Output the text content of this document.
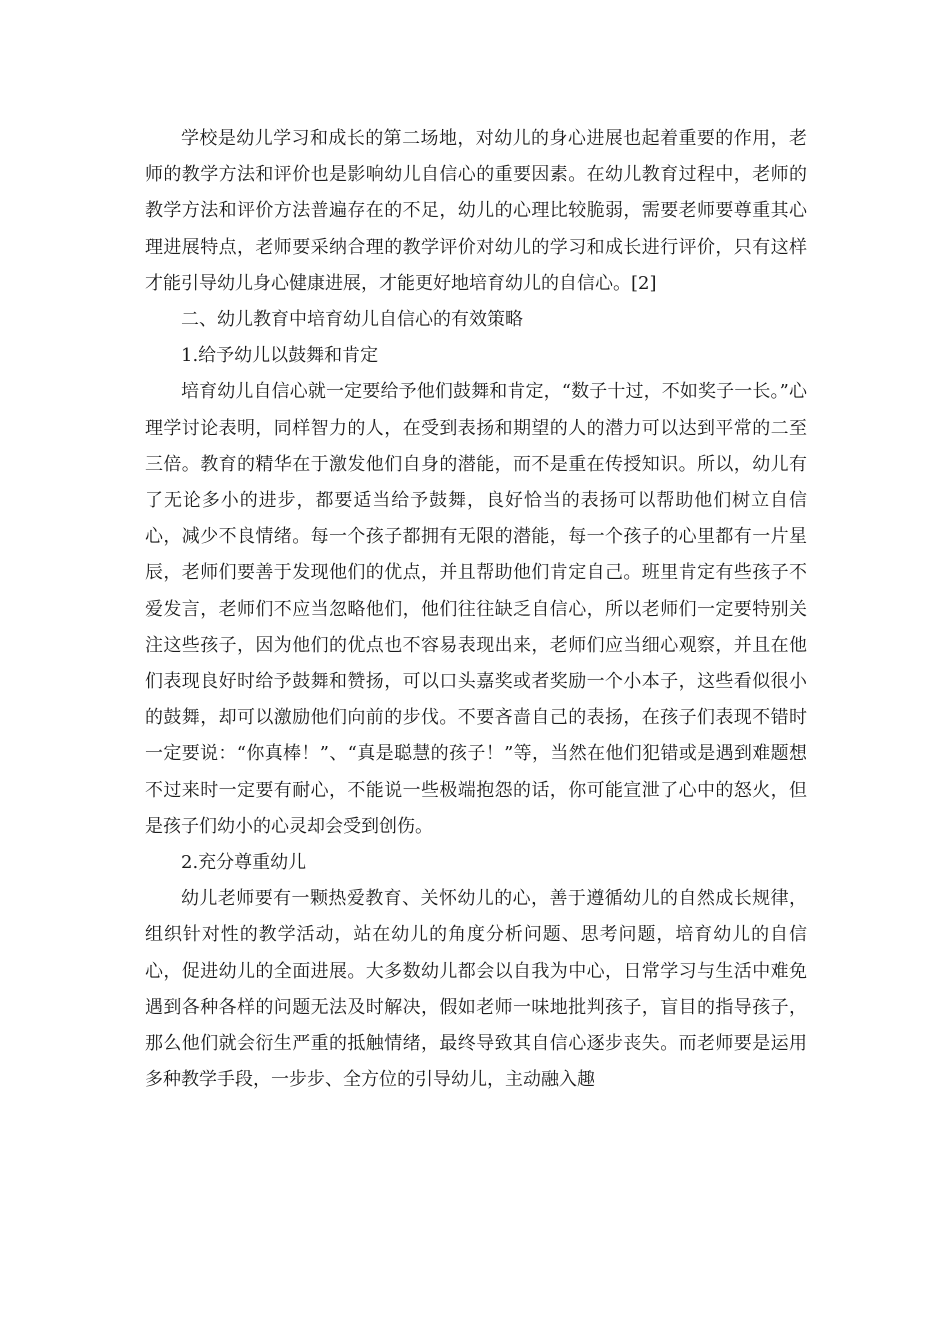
学校是幼儿学习和成长的第二场地，对幼儿的身心进展也起着重要的作用，老师的教学方法和评价也是影响幼儿自信心的重要因素。在幼儿教育过程中，老师的教学方法和评价方法普遍存在的不足，幼儿的心理比较脆弱，需要老师要尊重其心理进展特点，老师要采纳合理的教学评价对幼儿的学习和成长进行评价，只有这样才能引导幼儿身心健康进展，才能更好地培育幼儿的自信心。[2]

二、幼儿教育中培育幼儿自信心的有效策略
1.给予幼儿以鼓舞和肯定

培育幼儿自信心就一定要给予他们鼓舞和肯定，“数子十过，不如奖子一长。”心理学讨论表明，同样智力的人，在受到表扬和期望的人的潜力可以达到平常的二至三倍。教育的精华在于激发他们自身的潜能，而不是重在传授知识。所以，幼儿有了无论多小的进步，都要适当给予鼓舞，良好恰当的表扬可以帮助他们树立自信心，减少不良情绪。每一个孩子都拥有无限的潜能，每一个孩子的心里都有一片星辰，老师们要善于发现他们的优点，并且帮助他们肯定自己。班里肯定有些孩子不爱发言，老师们不应当忽略他们，他们往往缺乏自信心，所以老师们一定要特别关注这些孩子，因为他们的优点也不容易表现出来，老师们应当细心观察，并且在他们表现良好时给予鼓舞和赞扬，可以口头嘉奖或者奖励一个小本子，这些看似很小的鼓舞，却可以激励他们向前的步伐。不要吝啬自己的表扬，在孩子们表现不错时一定要说：“你真棒！”、“真是聪慧的孩子！”等，当然在他们犯错或是遇到难题想不过来时一定要有耐心，不能说一些极端抱怨的话，你可能宣泄了心中的怒火，但是孩子们幼小的心灵却会受到创伤。

2.充分尊重幼儿

幼儿老师要有一颗热爱教育、关怀幼儿的心，善于遵循幼儿的自然成长规律，组织针对性的教学活动，站在幼儿的角度分析问题、思考问题，培育幼儿的自信心，促进幼儿的全面进展。大多数幼儿都会以自我为中心，日常学习与生活中难免遇到各种各样的问题无法及时解决，假如老师一味地批判孩子，盲目的指导孩子，那么他们就会衍生严重的抵触情绪，最终导致其自信心逐步丧失。而老师要是运用多种教学手段，一步步、全方位的引导幼儿，主动融入趣
